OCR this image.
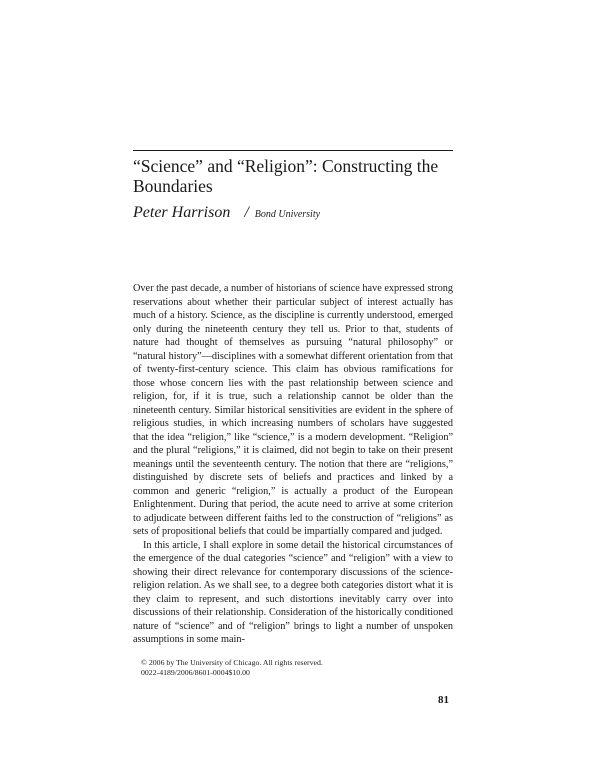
“Science” and “Religion”: Constructing the Boundaries
Peter Harrison / Bond University

Over the past decade, a number of historians of science have expressed strong reservations about whether their particular subject of interest actually has much of a history. Science, as the discipline is currently understood, emerged only during the nineteenth century they tell us. Prior to that, students of nature had thought of themselves as pursuing “natural philosophy” or “natural history”—disciplines with a somewhat different orientation from that of twenty-first-century science. This claim has obvious ramifications for those whose concern lies with the past relationship between science and religion, for, if it is true, such a relationship cannot be older than the nineteenth century. Similar historical sensitivities are evident in the sphere of religious studies, in which increasing numbers of scholars have suggested that the idea “religion,” like “science,” is a modern development. “Religion” and the plural “religions,” it is claimed, did not begin to take on their present meanings until the seventeenth century. The notion that there are “religions,” distinguished by discrete sets of beliefs and practices and linked by a common and generic “religion,” is actually a product of the European Enlightenment. During that period, the acute need to arrive at some criterion to adjudicate between different faiths led to the construction of “religions” as sets of propositional beliefs that could be impartially compared and judged.

In this article, I shall explore in some detail the historical circumstances of the emergence of the dual categories “science” and “religion” with a view to showing their direct relevance for contemporary discussions of the science-religion relation. As we shall see, to a degree both categories distort what it is they claim to represent, and such distortions inevitably carry over into discussions of their relationship. Consideration of the historically conditioned nature of “science” and of “religion” brings to light a number of unspoken assumptions in some main-

© 2006 by The University of Chicago. All rights reserved.
0022-4189/2006/8601-0004$10.00
81
